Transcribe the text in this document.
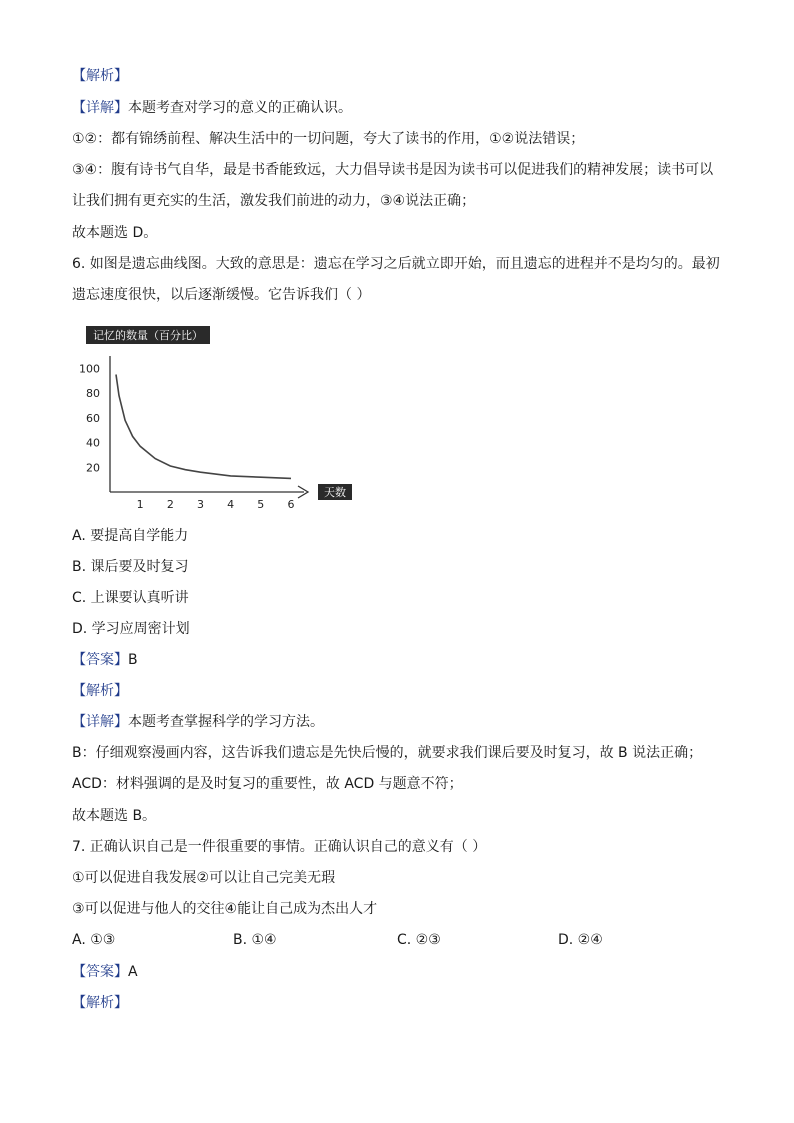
【解析】
【详解】本题考查对学习的意义的正确认识。
①②：都有锦绣前程、解决生活中的一切问题，夸大了读书的作用，①②说法错误；
③④：腹有诗书气自华，最是书香能致远，大力倡导读书是因为读书可以促进我们的精神发展；读书可以
让我们拥有更充实的生活，激发我们前进的动力，③④说法正确；
故本题选 D。
6. 如图是遗忘曲线图。大致的意思是：遗忘在学习之后就立即开始，而且遗忘的进程并不是均匀的。最初
遗忘速度很快，以后逐渐缓慢。它告诉我们（ ）
记忆的数量（百分比）
天数
100
80
60
40
20
1 2 3 4 5 6
A. 要提高自学能力
B. 课后要及时复习
C. 上课要认真听讲
D. 学习应周密计划
【答案】B
【解析】
【详解】本题考查掌握科学的学习方法。
B：仔细观察漫画内容，这告诉我们遗忘是先快后慢的，就要求我们课后要及时复习，故 B 说法正确；
ACD：材料强调的是及时复习的重要性，故 ACD 与题意不符；
故本题选 B。
7. 正确认识自己是一件很重要的事情。正确认识自己的意义有（ ）
①可以促进自我发展②可以让自己完美无瑕
③可以促进与他人的交往④能让自己成为杰出人才
A. ①③	B. ①④	C. ②③	D. ②④
【答案】A
【解析】
